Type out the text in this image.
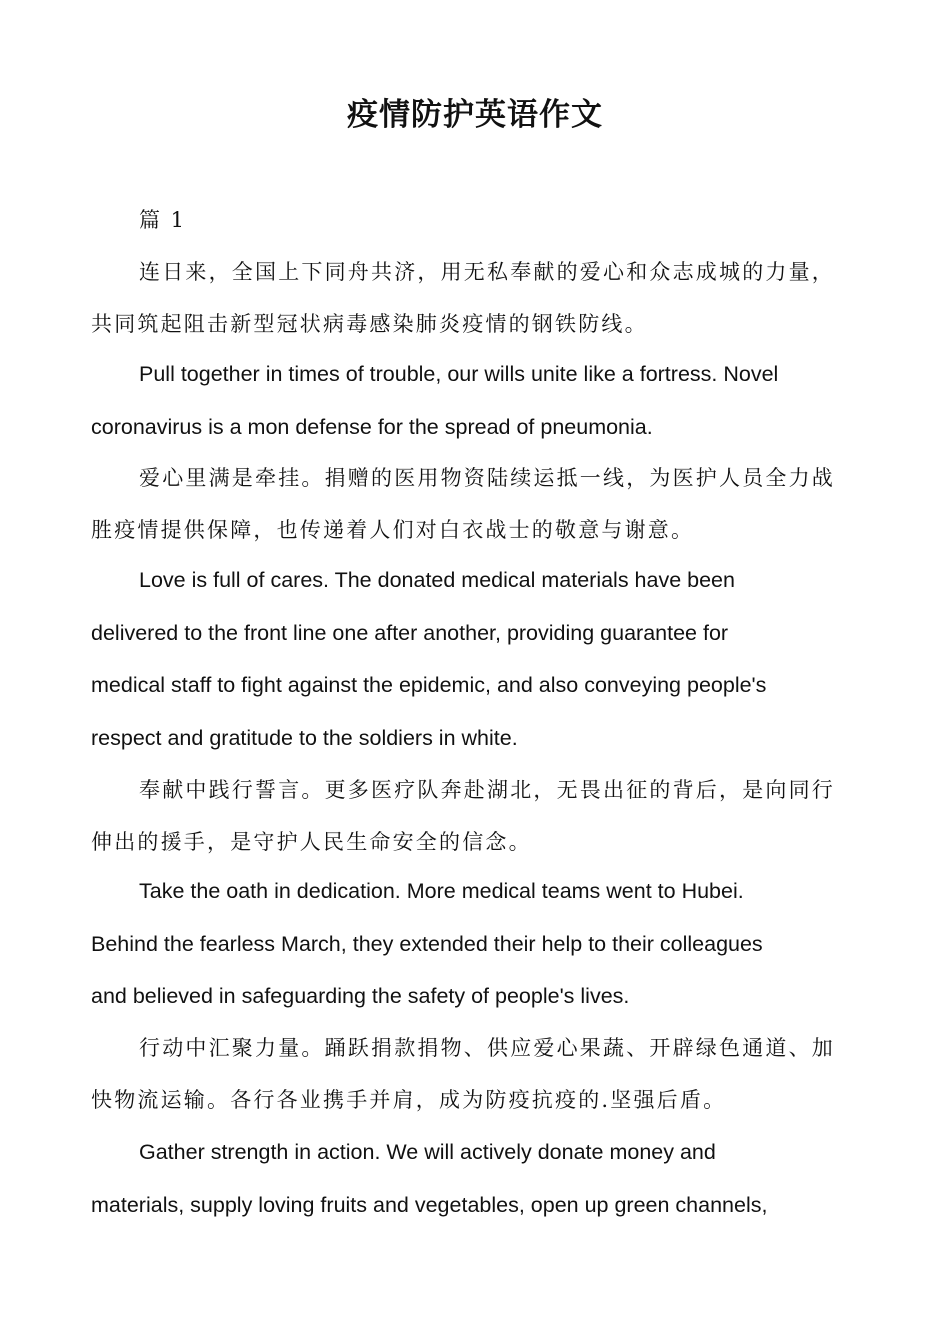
疫情防护英语作文
篇 1
连日来，全国上下同舟共济，用无私奉献的爱心和众志成城的力量，
共同筑起阻击新型冠状病毒感染肺炎疫情的钢铁防线。
Pull together in times of trouble, our wills unite like a fortress. Novel
coronavirus is a mon defense for the spread of pneumonia.
爱心里满是牵挂。捐赠的医用物资陆续运抵一线，为医护人员全力战
胜疫情提供保障，也传递着人们对白衣战士的敬意与谢意。
Love is full of cares. The donated medical materials have been
delivered to the front line one after another, providing guarantee for
medical staff to fight against the epidemic, and also conveying people's
respect and gratitude to the soldiers in white.
奉献中践行誓言。更多医疗队奔赴湖北，无畏出征的背后，是向同行
伸出的援手，是守护人民生命安全的信念。
Take the oath in dedication. More medical teams went to Hubei.
Behind the fearless March, they extended their help to their colleagues
and believed in safeguarding the safety of people's lives.
行动中汇聚力量。踊跃捐款捐物、供应爱心果蔬、开辟绿色通道、加
快物流运输。各行各业携手并肩，成为防疫抗疫的.坚强后盾。
Gather strength in action. We will actively donate money and
materials, supply loving fruits and vegetables, open up green channels,
